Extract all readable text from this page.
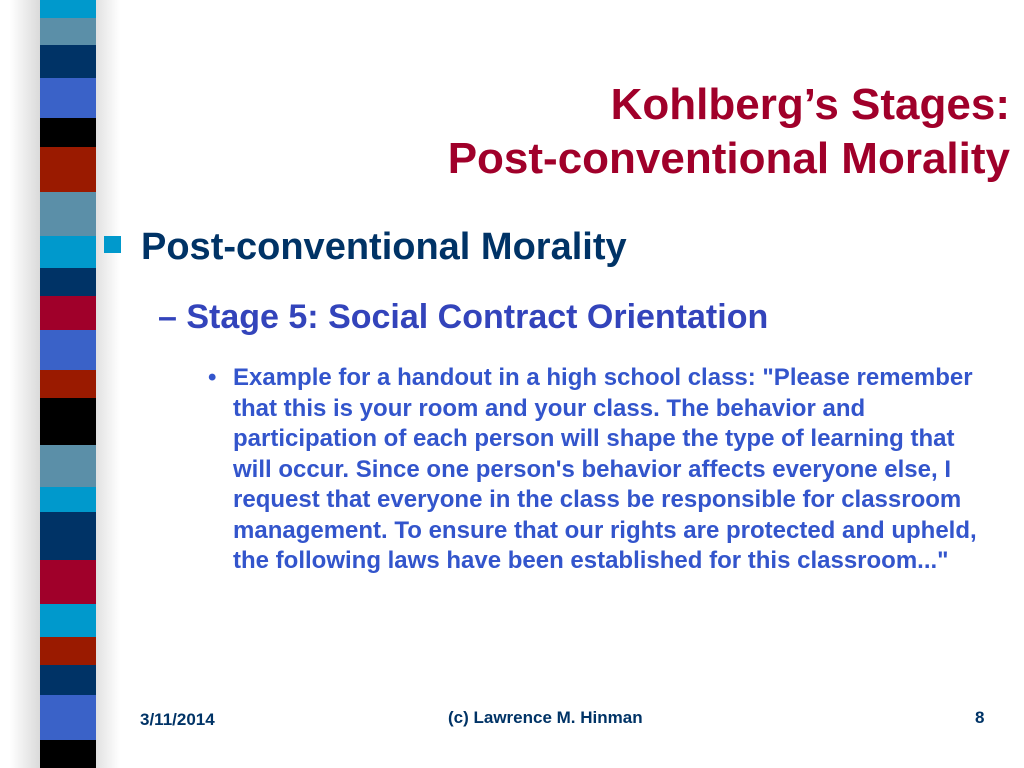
Kohlberg’s Stages:
Post-conventional Morality
Post-conventional Morality
– Stage 5: Social Contract Orientation
• Example for a handout in a high school class: "Please remember that this is your room and your class. The behavior and participation of each person will shape the type of learning that will occur. Since one person's behavior affects everyone else, I request that everyone in the class be responsible for classroom management. To ensure that our rights are protected and upheld, the following laws have been established for this classroom..."
3/11/2014	(c) Lawrence M. Hinman	8
